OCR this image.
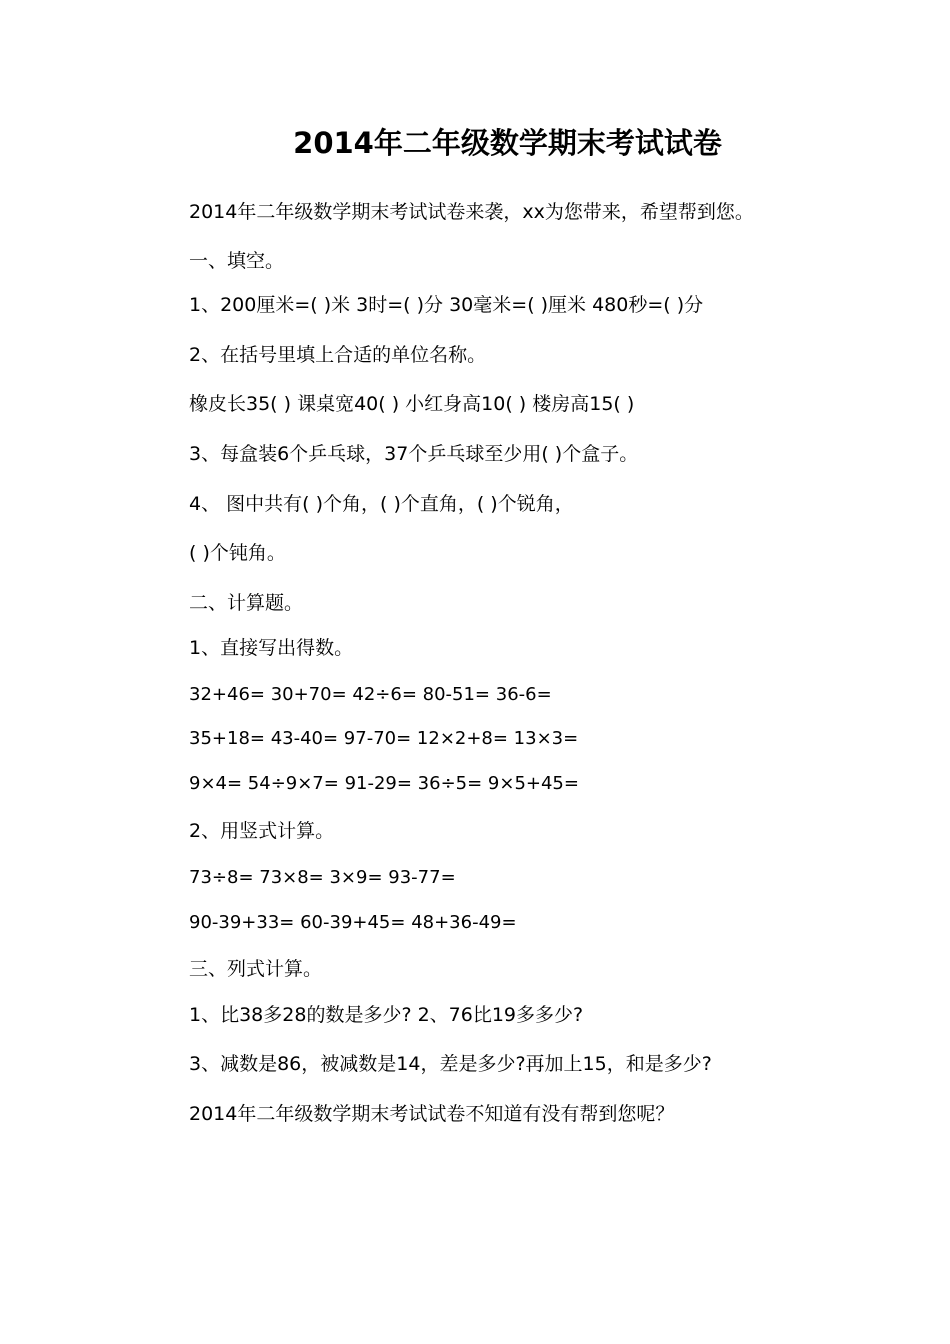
2014年二年级数学期末考试试卷
2014年二年级数学期末考试试卷来袭，xx为您带来，希望帮到您。
一、填空。
1、200厘米=( )米 3时=( )分 30毫米=( )厘米 480秒=( )分
2、在括号里填上合适的单位名称。
橡皮长35( ) 课桌宽40( ) 小红身高10( ) 楼房高15( )
3、每盒装6个乒乓球，37个乒乓球至少用( )个盒子。
4、 图中共有( )个角，( )个直角，( )个锐角，
( )个钝角。
二、计算题。
1、直接写出得数。
32+46= 30+70= 42÷6= 80-51= 36-6=
35+18= 43-40= 97-70= 12×2+8= 13×3=
9×4= 54÷9×7= 91-29= 36÷5= 9×5+45=
2、用竖式计算。
73÷8= 73×8= 3×9= 93-77=
90-39+33= 60-39+45= 48+36-49=
三、列式计算。
1、比38多28的数是多少? 2、76比19多多少?
3、减数是86，被减数是14，差是多少?再加上15，和是多少?
2014年二年级数学期末考试试卷不知道有没有帮到您呢？
